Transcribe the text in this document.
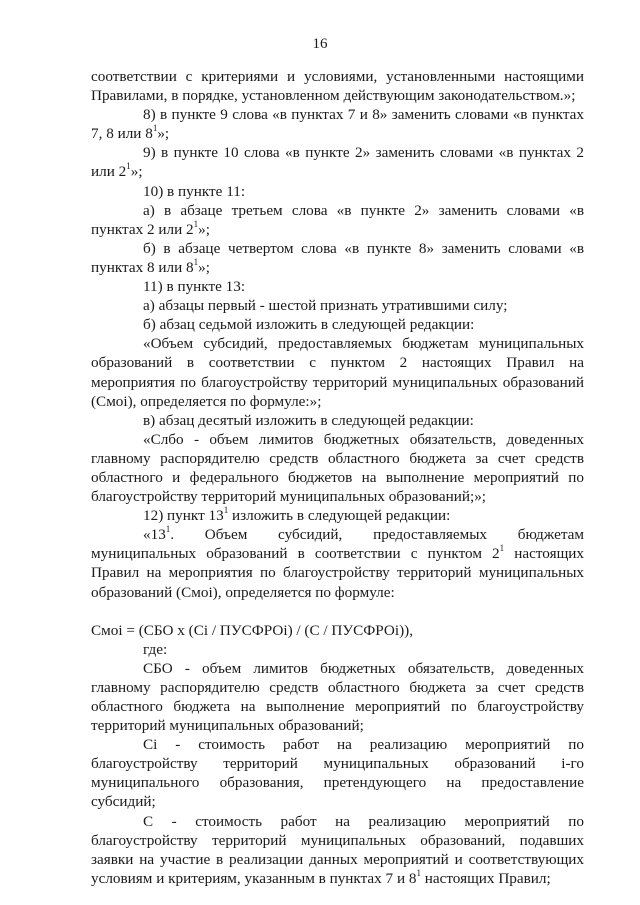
16

соответствии с критериями и условиями, установленными настоящими Правилами, в порядке, установленном действующим законодательством.»;

8) в пункте 9 слова «в пунктах 7 и 8» заменить словами «в пунктах 7, 8 или $8^1$»;

9) в пункте 10 слова «в пункте 2» заменить словами «в пунктах 2 или $2^1$»;

10) в пункте 11:

а) в абзаце третьем слова «в пункте 2» заменить словами «в пунктах 2 или $2^1$»;

б) в абзаце четвертом слова «в пункте 8» заменить словами «в пунктах 8 или $8^1$»;

11) в пункте 13:

а) абзацы первый - шестой признать утратившими силу;

б) абзац седьмой изложить в следующей редакции:

«Объем субсидий, предоставляемых бюджетам муниципальных образований в соответствии с пунктом 2 настоящих Правил на мероприятия по благоустройству территорий муниципальных образований (Смоі), определяется по формуле:»;

в) абзац десятый изложить в следующей редакции:

«Слбо - объем лимитов бюджетных обязательств, доведенных главному распорядителю средств областного бюджета за счет средств областного и федерального бюджетов на выполнение мероприятий по благоустройству территорий муниципальных образований;»;

12) пункт $13^1$ изложить в следующей редакции:

«$13^1$. Объем субсидий, предоставляемых бюджетам муниципальных образований в соответствии с пунктом $2^1$ настоящих Правил на мероприятия по благоустройству территорий муниципальных образований (Смоі), определяется по формуле:

Смоі = (СБО х (Сі / ПУСФРОі) / (С / ПУСФРОі)),

где:

СБО - объем лимитов бюджетных обязательств, доведенных главному распорядителю средств областного бюджета за счет средств областного бюджета на выполнение мероприятий по благоустройству территорий муниципальных образований;

Сі - стоимость работ на реализацию мероприятий по благоустройству территорий муниципальных образований і-го муниципального образования, претендующего на предоставление субсидий;

С - стоимость работ на реализацию мероприятий по благоустройству территорий муниципальных образований, подавших заявки на участие в реализации данных мероприятий и соответствующих условиям и критериям, указанным в пунктах 7 и $8^1$ настоящих Правил;
